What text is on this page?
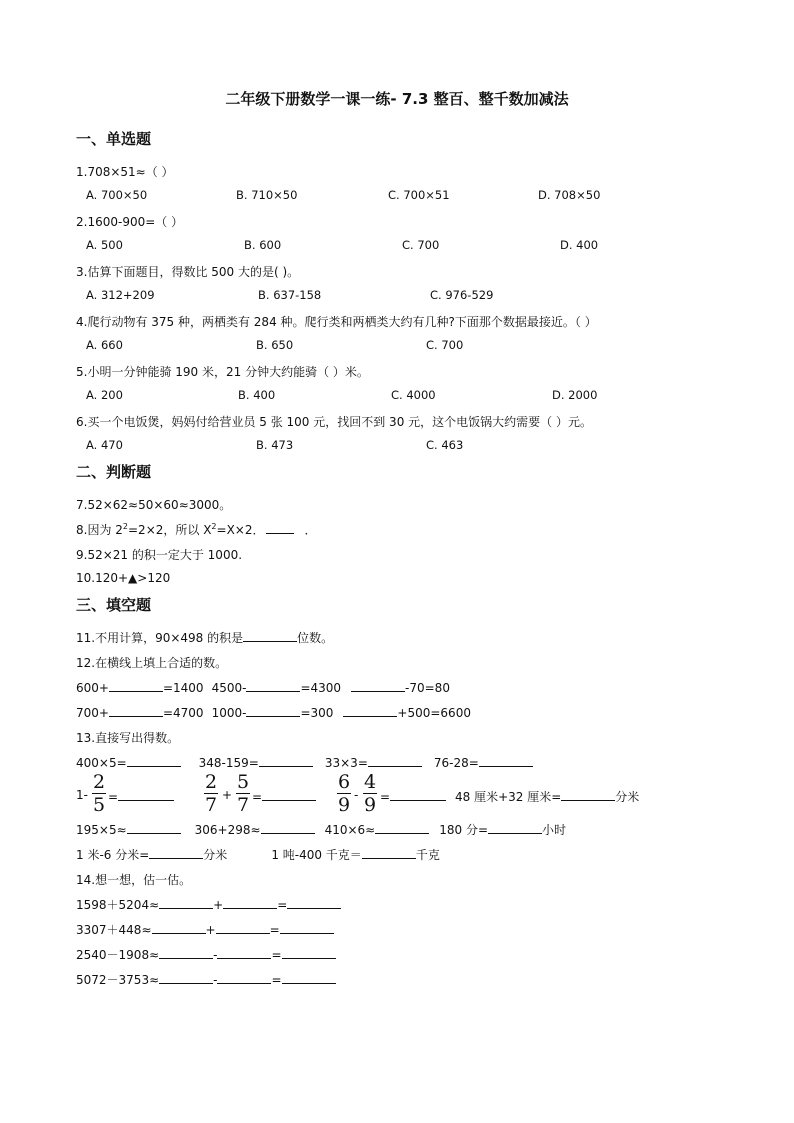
二年级下册数学一课一练- 7.3 整百、整千数加减法
一、单选题
1.708×51≈（ ）
A. 700×50	B. 710×50	C. 700×51	D. 708×50
2.1600-900=（ ）
A. 500	B. 600	C. 700	D. 400
3.估算下面题目，得数比 500 大的是( )。
A. 312+209	B. 637-158	C. 976-529
4.爬行动物有 375 种，两栖类有 284 种。爬行类和两栖类大约有几种?下面那个数据最接近。（ ）
A. 660	B. 650	C. 700
5.小明一分钟能骑 190 米，21 分钟大约能骑（ ）米。
A. 200	B. 400	C. 4000	D. 2000
6.买一个电饭煲，妈妈付给营业员 5 张 100 元，找回不到 30 元，这个电饭锅大约需要（ ）元。
A. 470	B. 473	C. 463
二、判断题
7.52×62≈50×60≈3000。
8.因为 $2^2=2\times 2$，所以 $X^2=X\times 2$．	．
9.52×21 的积一定大于 1000.
10.120+▲>120
三、填空题
11.不用计算，90×498 的积是	位数。
12.在横线上填上合适的数。
600+	=1400 4500-	=4300	-70=80
700+	=4700 1000-	=300	+500=6600
13.直接写出得数。
400×5=	348-159=	33×3=	76-28=
1-
2
5 =
2
7 +
5
7 =
6
9 -
4
9 =	48 厘米+32 厘米=	分米
195×5≈	306+298≈	410×6≈	180 分=	小时
1 米-6 分米=	分米	1 吨-400 千克＝	千克
14.想一想，估一估。
1598＋5204≈	+	=
3307＋448≈	+	=
2540－1908≈	-	=
5072－3753≈	-	=
